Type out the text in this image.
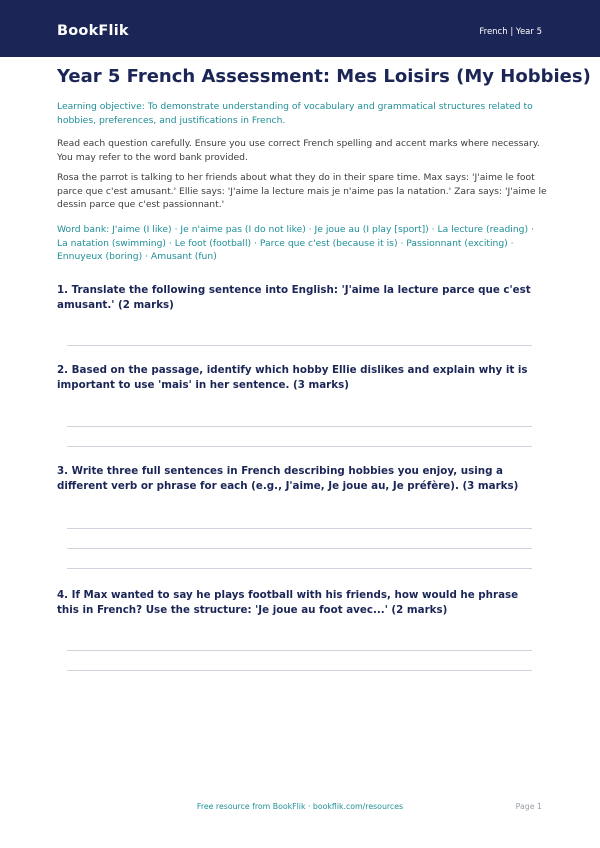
BookFlik	French | Year 5
Year 5 French Assessment: Mes Loisirs (My Hobbies)

Learning objective: To demonstrate understanding of vocabulary and grammatical structures related to hobbies, preferences, and justifications in French.

Read each question carefully. Ensure you use correct French spelling and accent marks where necessary. You may refer to the word bank provided.

Rosa the parrot is talking to her friends about what they do in their spare time. Max says: 'J'aime le foot parce que c'est amusant.' Ellie says: 'J'aime la lecture mais je n'aime pas la natation.' Zara says: 'J'aime le dessin parce que c'est passionnant.'

Word bank: J'aime (I like) · Je n'aime pas (I do not like) · Je joue au (I play [sport]) · La lecture (reading) · La natation (swimming) · Le foot (football) · Parce que c'est (because it is) · Passionnant (exciting) · Ennuyeux (boring) · Amusant (fun)

1. Translate the following sentence into English: 'J'aime la lecture parce que c'est amusant.' (2 marks)

2. Based on the passage, identify which hobby Ellie dislikes and explain why it is important to use 'mais' in her sentence. (3 marks)

3. Write three full sentences in French describing hobbies you enjoy, using a different verb or phrase for each (e.g., J'aime, Je joue au, Je préfère). (3 marks)

4. If Max wanted to say he plays football with his friends, how would he phrase this in French? Use the structure: 'Je joue au foot avec...' (2 marks)

Free resource from BookFlik · bookflik.com/resources	Page 1
